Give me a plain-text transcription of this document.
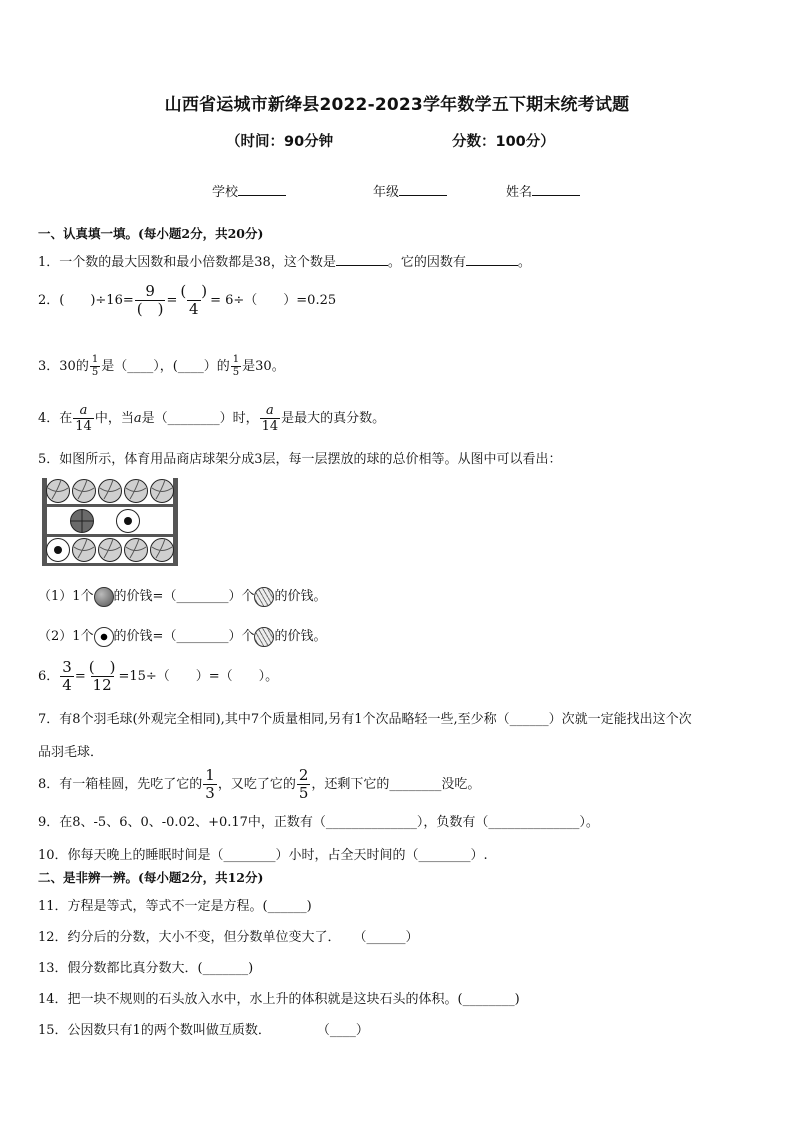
山西省运城市新绛县2022-2023学年数学五下期末统考试题
（时间：90分钟	分数：100分）
学校	年级	姓名
一、认真填一填。(每小题2分，共20分)
1．一个数的最大因数和最小倍数都是38，这个数是	。它的因数有	。
2．(　　)$\div 16= \frac{9}{( )} = \frac{( )}{4} = 6\div$（　　）=0.25
3．30的 $\frac{1}{5}$ 是（____），(____）的 $\frac{1}{5}$ 是30。
4．在 $\frac{a}{14}$ 中，当a是（________）时， $\frac{a}{14}$ 是最大的真分数。
5．如图所示，体育用品商店球架分成3层，每一层摆放的球的总价相等。从图中可以看出：
（1）1个 的价钱=（________）个 的价钱。
（2）1个 的价钱=（________）个 的价钱。
6． $\frac{3}{4} = \frac{( )}{12} =15\div$（　　）=（　　）。
7．有8个羽毛球(外观完全相同),其中7个质量相同,另有1个次品略轻一些,至少称（______）次就一定能找出这个次
品羽毛球．
8．有一箱桂圆，先吃了它的 $\frac{1}{3}$ ，又吃了它的 $\frac{2}{5}$ ，还剩下它的________没吃。
9．在8、-5、6、0、-0.02、+0.17中，正数有（______________），负数有（______________）。
10．你每天晚上的睡眠时间是（________）小时，占全天时间的（________）.
二、是非辨一辨。(每小题2分，共12分)
11．方程是等式，等式不一定是方程。(______)
12．约分后的分数，大小不变，但分数单位变大了．　　（______）
13．假分数都比真分数大．(_______)
14．把一块不规则的石头放入水中，水上升的体积就是这块石头的体积。(________)
15．公因数只有1的两个数叫做互质数．	（____）
